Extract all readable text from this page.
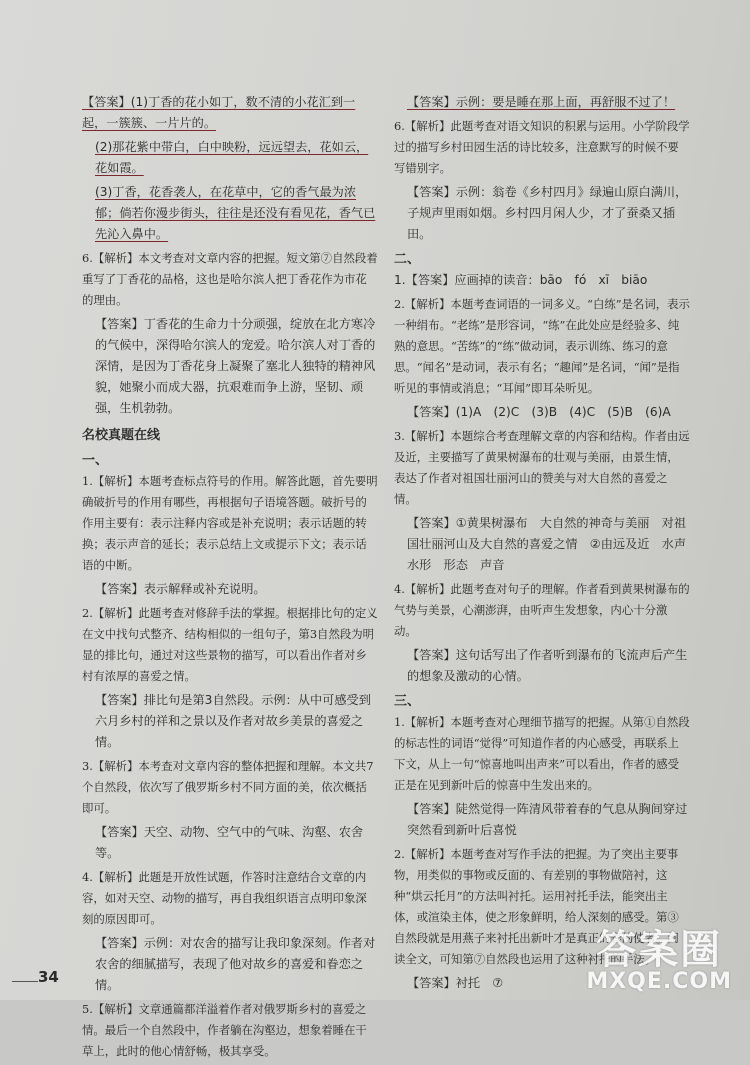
【答案】(1)丁香的花小如丁，数不清的小花汇到一起，一簇簇、一片片的。
(2)那花紫中带白，白中映粉，远远望去，花如云，花如霞。
(3)丁香，花香袭人，在花草中，它的香气最为浓郁；倘若你漫步街头，往往是还没有看见花，香气已先沁入鼻中。
6.【解析】本文考查对文章内容的把握。短文第⑦自然段着重写了丁香花的品格，这也是哈尔滨人把丁香花作为市花的理由。
【答案】丁香花的生命力十分顽强，绽放在北方寒冷的气候中，深得哈尔滨人的宠爱。哈尔滨人对丁香的深情，是因为丁香花身上凝聚了塞北人独特的精神风貌，她聚小而成大器，抗艰难而争上游，坚韧、顽强，生机勃勃。
名校真题在线
一、
1.【解析】本题考查标点符号的作用。解答此题，首先要明确破折号的作用有哪些，再根据句子语境答题。破折号的作用主要有：表示注释内容或是补充说明；表示话题的转换；表示声音的延长；表示总结上文或提示下文；表示话语的中断。
【答案】表示解释或补充说明。
2.【解析】此题考查对修辞手法的掌握。根据排比句的定义在文中找句式整齐、结构相似的一组句子，第3自然段为明显的排比句，通过对这些景物的描写，可以看出作者对乡村有浓厚的喜爱之情。
【答案】排比句是第3自然段。示例：从中可感受到六月乡村的祥和之景以及作者对故乡美景的喜爱之情。
3.【解析】本考查对文章内容的整体把握和理解。本文共7个自然段，依次写了俄罗斯乡村不同方面的美，依次概括即可。
【答案】天空、动物、空气中的气味、沟壑、农舍等。
4.【解析】此题是开放性试题，作答时注意结合文章的内容，如对天空、动物的描写，再自我组织语言点明印象深刻的原因即可。
【答案】示例：对农舍的描写让我印象深刻。作者对农舍的细腻描写，表现了他对故乡的喜爱和眷恋之情。
5.【解析】文章通篇都洋溢着作者对俄罗斯乡村的喜爱之情。最后一个自然段中，作者躺在沟壑边，想象着睡在干草上，此时的他心情舒畅，极其享受。
【答案】示例：要是睡在那上面，再舒服不过了！
6.【解析】此题考查对语文知识的积累与运用。小学阶段学过的描写乡村田园生活的诗比较多，注意默写的时候不要写错别字。
【答案】示例：翁卷《乡村四月》绿遍山原白满川，子规声里雨如烟。乡村四月闲人少，才了蚕桑又插田。
二、
1.【答案】应画掉的读音：bāo　fó　xī　biāo
2.【解析】本题考查词语的一词多义。“白练”是名词，表示一种绢布。“老练”是形容词，“练”在此处应是经验多、纯熟的意思。“苦练”的“练”做动词，表示训练、练习的意思。“闻名”是动词，表示有名；“趣闻”是名词，“闻”是指听见的事情或消息；“耳闻”即耳朵听见。
【答案】(1)A　(2)C　(3)B　(4)C　(5)B　(6)A
3.【解析】本题综合考查理解文章的内容和结构。作者由远及近，主要描写了黄果树瀑布的壮观与美丽，由景生情，表达了作者对祖国壮丽河山的赞美与对大自然的喜爱之情。
【答案】①黄果树瀑布　大自然的神奇与美丽　对祖国壮丽河山及大自然的喜爱之情　②由远及近　水声　水形　形态　声音
4.【解析】此题考查对句子的理解。作者看到黄果树瀑布的气势与美景，心潮澎湃，由听声生发想象，内心十分激动。
【答案】这句话写出了作者听到瀑布的飞流声后产生的想象及激动的心情。
三、
1.【解析】本题考查对心理细节描写的把握。从第①自然段的标志性的词语“觉得”可知道作者的内心感受，再联系上下文，从上一句“惊喜地叫出声来”可以看出，作者的感受正是在见到新叶后的惊喜中生发出来的。
【答案】陡然觉得一阵清风带着春的气息从胸间穿过　突然看到新叶后喜悦
2.【解析】本题考查对写作手法的把握。为了突出主要事物，用类似的事物或反面的、有差别的事物做陪衬，这种“烘云托月”的方法叫衬托。运用衬托手法，能突出主体，或渲染主体，使之形象鲜明，给人深刻的感受。第③自然段就是用燕子来衬托出新叶才是真正的春的使者。阅读全文，可知第⑦自然段也运用了这种衬托的手法。
【答案】衬托　⑦
34
答案圈
MXQE.COM
